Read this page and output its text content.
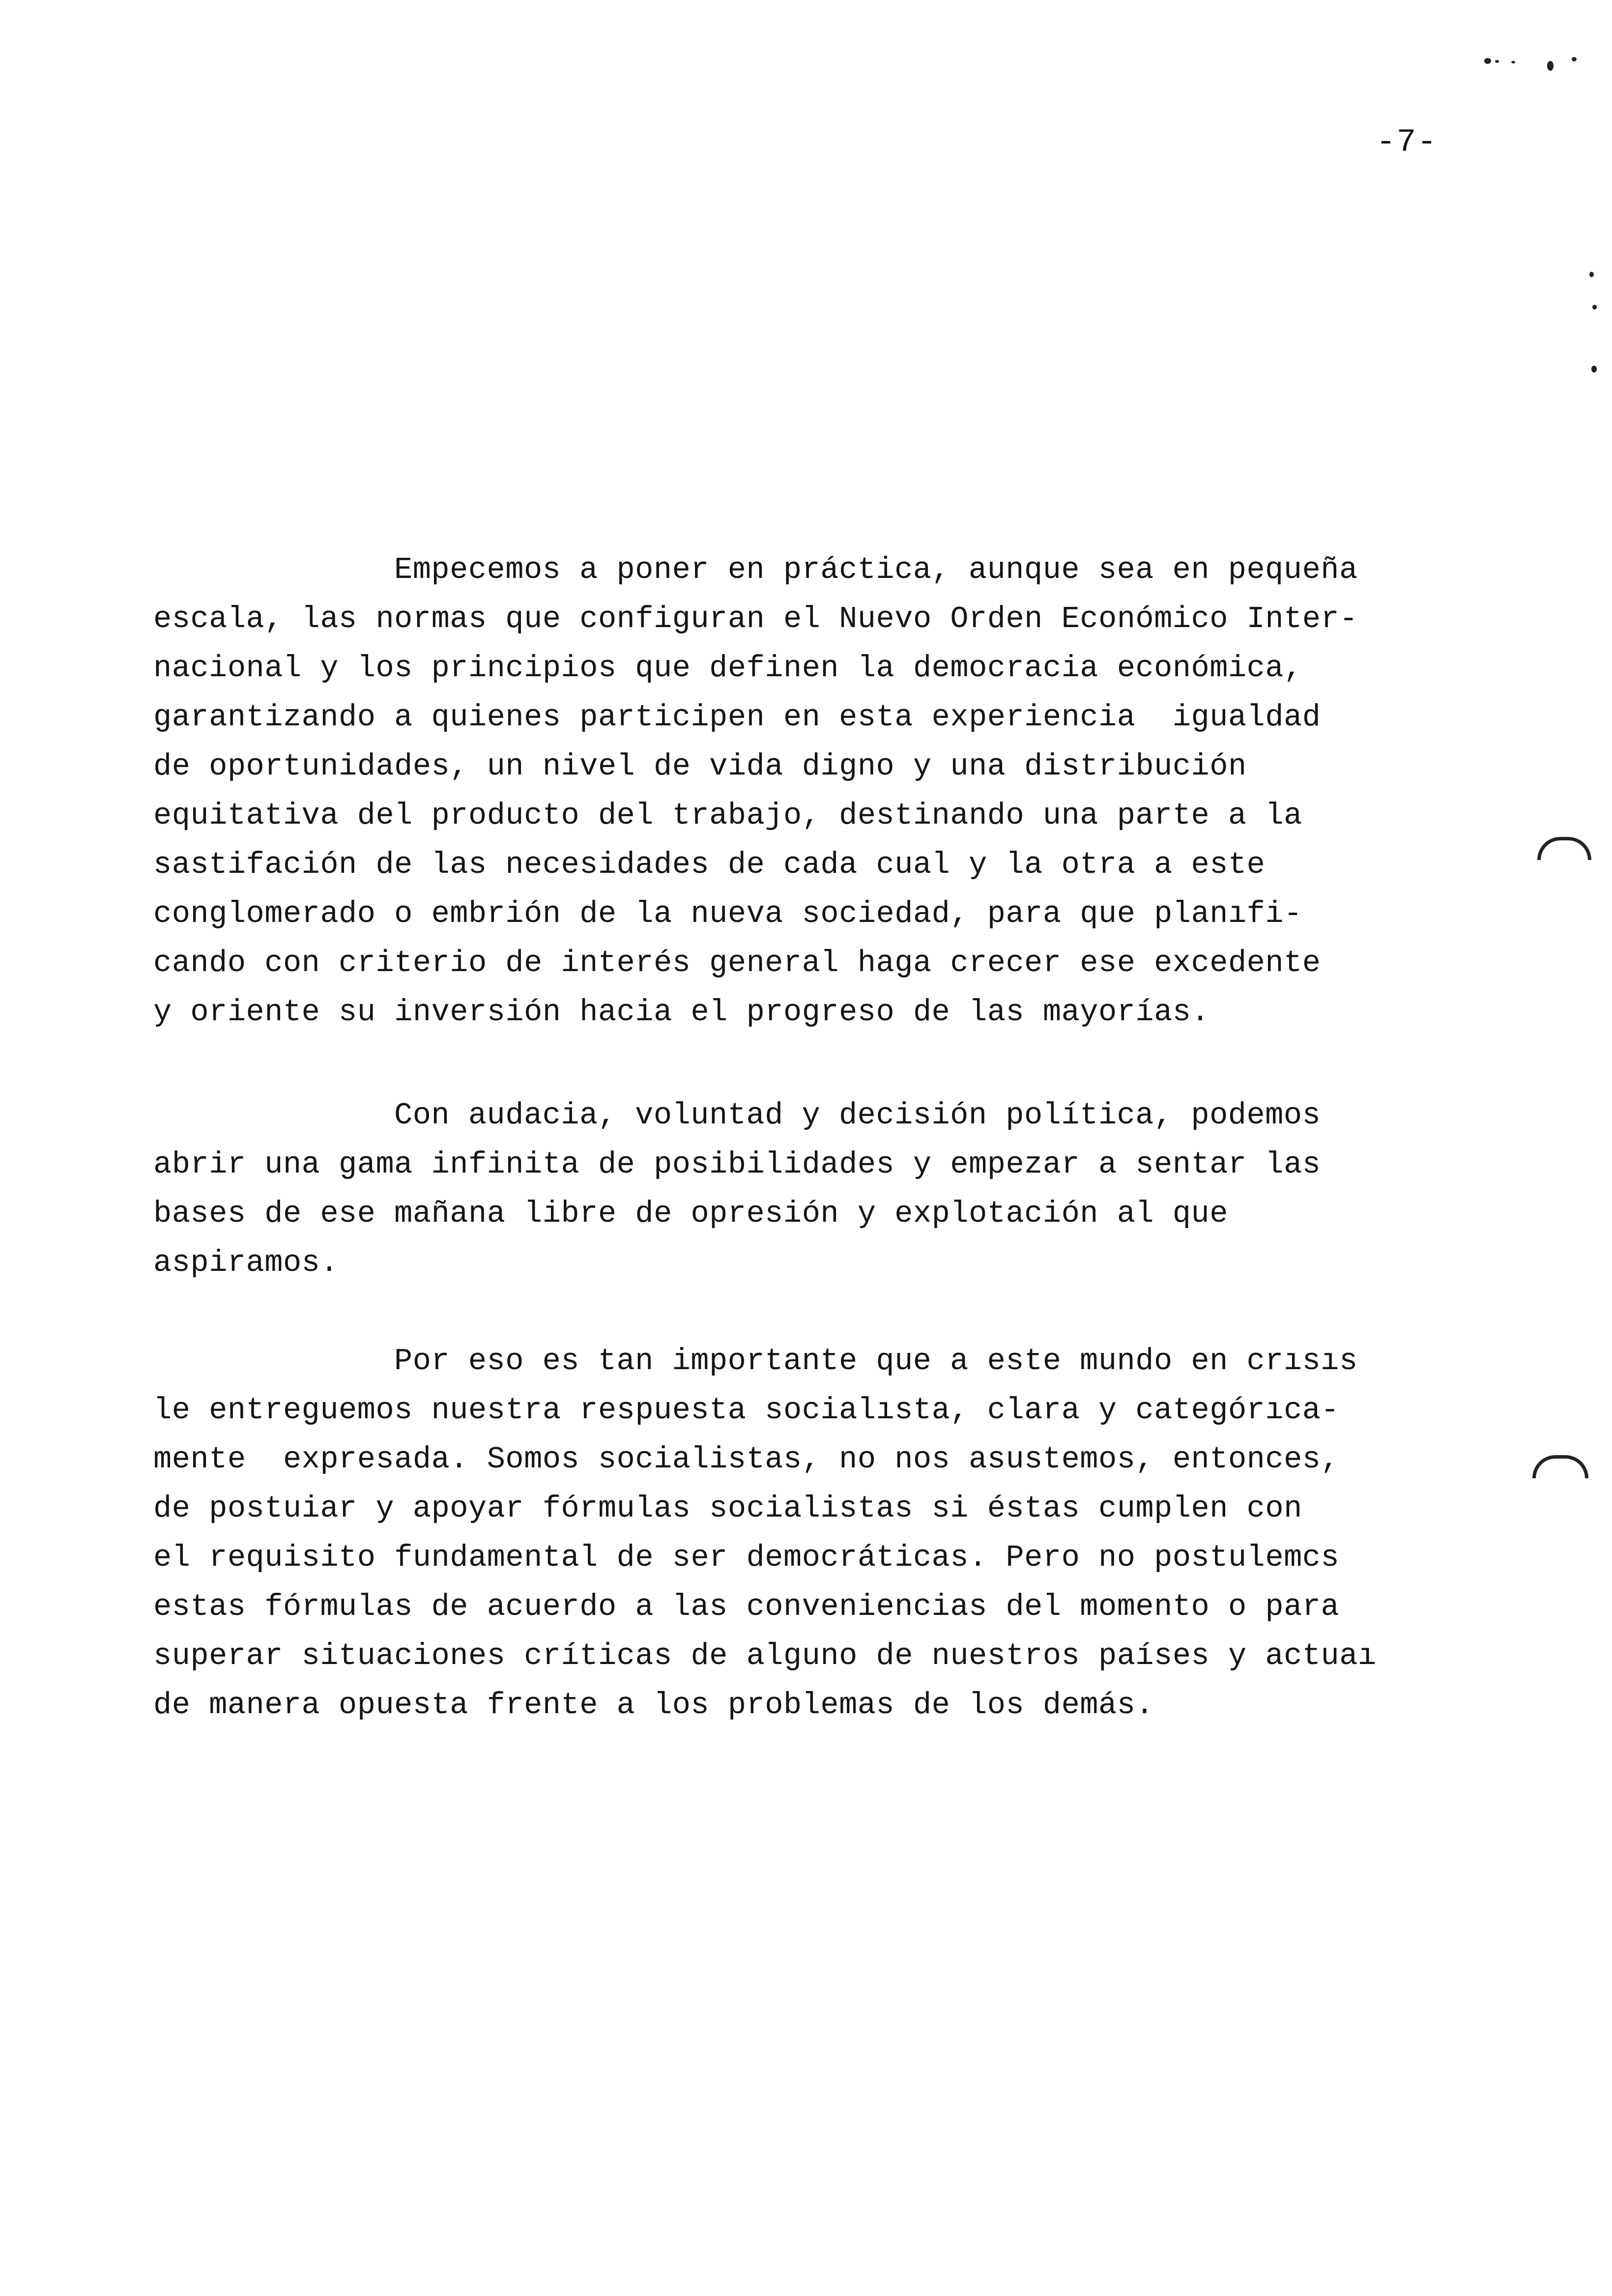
-7-
Empecemos a poner en práctica, aunque sea en pequeña
escala, las normas que configuran el Nuevo Orden Económico Inter-
nacional y los principios que definen la democracia económica,
garantizando a quienes participen en esta experiencia  igualdad
de oportunidades, un nivel de vida digno y una distribución
equitativa del producto del trabajo, destinando una parte a la
sastifación de las necesidades de cada cual y la otra a este
conglomerado o embrión de la nueva sociedad, para que planıfi-
cando con criterio de interés general haga crecer ese excedente
y oriente su inversión hacia el progreso de las mayorías.
Con audacia, voluntad y decisión política, podemos
abrir una gama infinita de posibilidades y empezar a sentar las
bases de ese mañana libre de opresión y explotación al que
aspiramos.
Por eso es tan importante que a este mundo en crısıs
le entreguemos nuestra respuesta socialısta, clara y categórıca-
mente  expresada. Somos socialistas, no nos asustemos, entonces,
de postuiar y apoyar fórmulas socialistas si éstas cumplen con
el requisito fundamental de ser democráticas. Pero no postulemcs
estas fórmulas de acuerdo a las conveniencias del momento o para
superar situaciones críticas de alguno de nuestros países y actuaı
de manera opuesta frente a los problemas de los demás.
